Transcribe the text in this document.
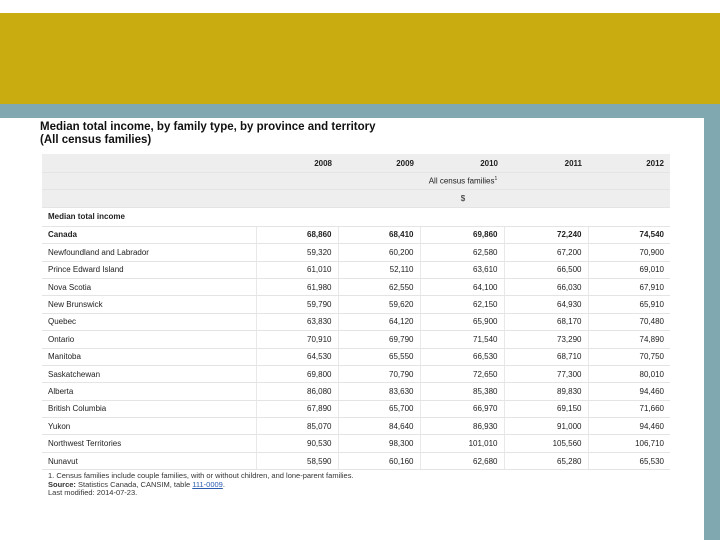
Median total income, by family type, by province and territory
(All census families)
	2008	2009	2010	2011	2012
	All census families$^1$
	$				
Median total income					
Canada	68,860	68,410	69,860	72,240	74,540
Newfoundland and Labrador	59,320	60,200	62,580	67,200	70,900
Prince Edward Island	61,010	52,110	63,610	66,500	69,010
Nova Scotia	61,980	62,550	64,100	66,030	67,910
New Brunswick	59,790	59,620	62,150	64,930	65,910
Quebec	63,830	64,120	65,900	68,170	70,480
Ontario	70,910	69,790	71,540	73,290	74,890
Manitoba	64,530	65,550	66,530	68,710	70,750
Saskatchewan	69,800	70,790	72,650	77,300	80,010
Alberta	86,080	83,630	85,380	89,830	94,460
British Columbia	67,890	65,700	66,970	69,150	71,660
Yukon	85,070	84,640	86,930	91,000	94,460
Northwest Territories	90,530	98,300	101,010	105,560	106,710
Nunavut	58,590	60,160	62,680	65,280	65,530
1. Census families include couple families, with or without children, and lone-parent families.
Source: Statistics Canada, CANSIM, table 111-0009.
Last modified: 2014-07-23.
